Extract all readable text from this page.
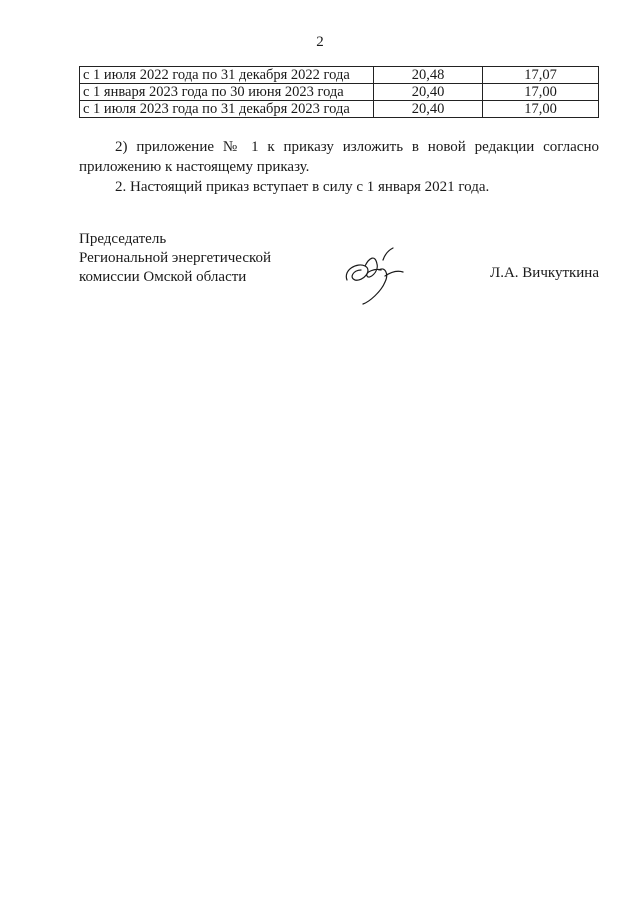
2
с 1 июля 2022 года по 31 декабря 2022 года	20,48	17,07
с 1 января 2023 года по 30 июня 2023 года	20,40	17,00
с 1 июля 2023 года по 31 декабря 2023 года	20,40	17,00

2) приложение № 1 к приказу изложить в новой редакции согласно приложению к настоящему приказу.

2. Настоящий приказ вступает в силу с 1 января 2021 года.

Председатель
Региональной энергетической
комиссии Омской области	Л.А. Вичкуткина
